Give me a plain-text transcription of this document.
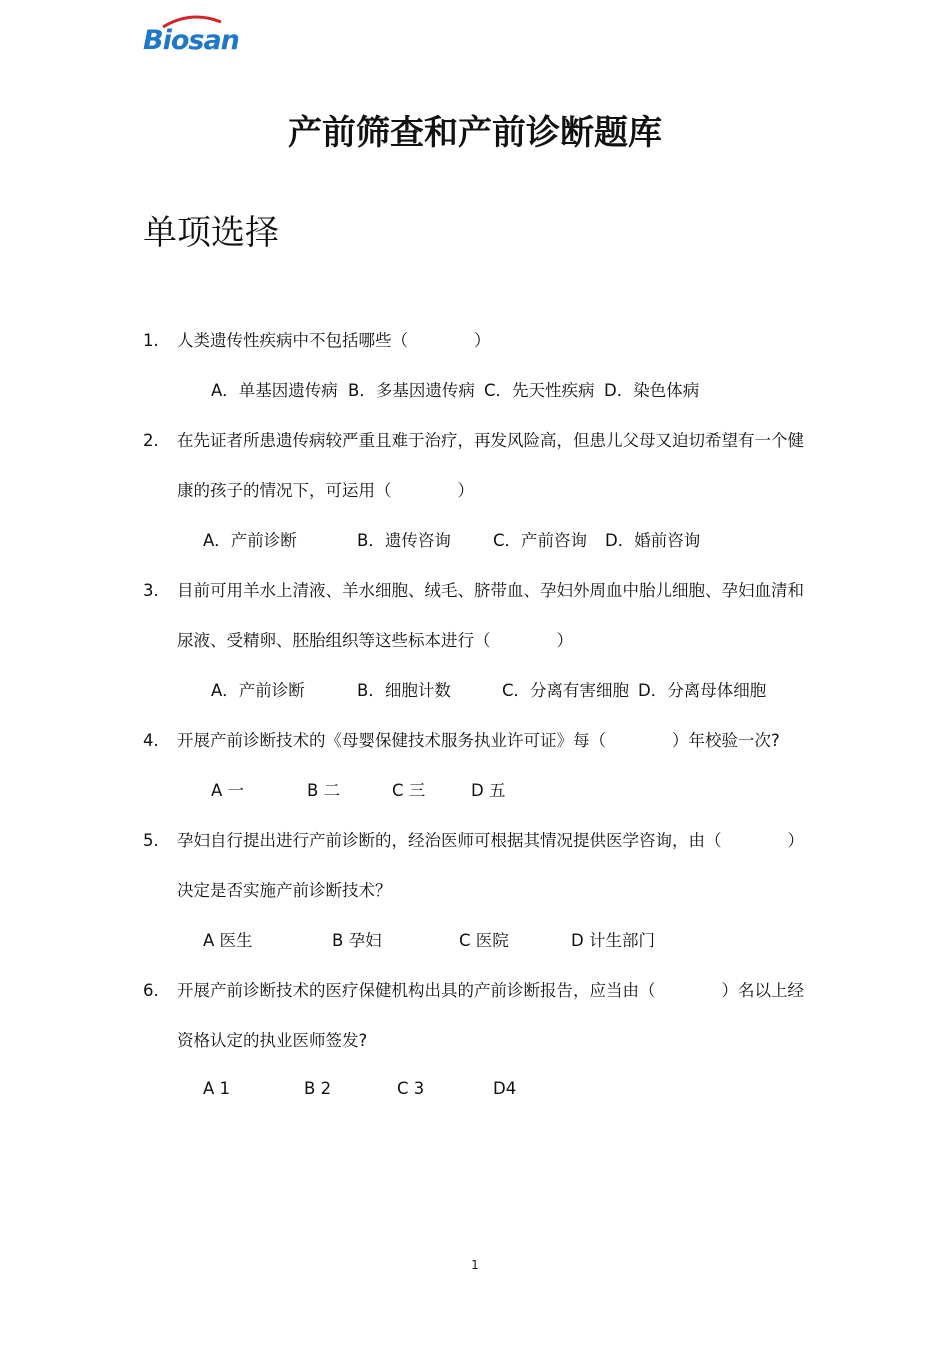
Biosan
产前筛查和产前诊断题库
单项选择
1. 人类遗传性疾病中不包括哪些（　　　　）

A．单基因遗传病

B．多基因遗传病

C．先天性疾病

D．染色体病

2. 在先证者所患遗传病较严重且难于治疗，再发风险高，但患儿父母又迫切希望有一个健
康的孩子的情况下，可运用（　　　　）

A．产前诊断

	B．遗传咨询

	C．产前咨询

D．婚前咨询

3. 目前可用羊水上清液、羊水细胞、绒毛、脐带血、孕妇外周血中胎儿细胞、孕妇血清和
尿液、受精卵、胚胎组织等这些标本进行（　　　　）

A．产前诊断

	B．细胞计数

	C．分离有害细胞

D．分离母体细胞

4. 开展产前诊断技术的《母婴保健技术服务执业许可证》每（　　　　）年校验一次?

A 一

	B 二

	C 三

	D 五

5. 孕妇自行提出进行产前诊断的，经治医师可根据其情况提供医学咨询，由（　　　　）
决定是否实施产前诊断技术？

A 医生

	B 孕妇

	C 医院

	D 计生部门

6. 开展产前诊断技术的医疗保健机构出具的产前诊断报告，应当由（　　　　）名以上经
资格认定的执业医师签发?

A 1

	B 2

	C 3

	D4

1
